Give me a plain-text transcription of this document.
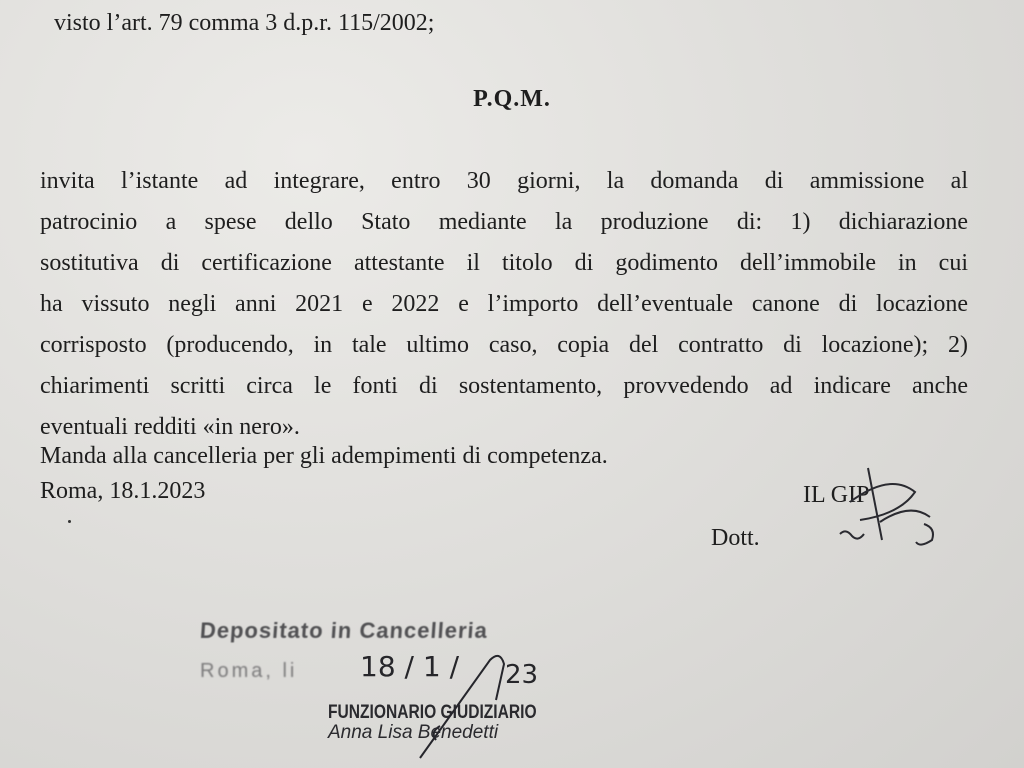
visto l’art. 79 comma 3 d.p.r. 115/2002;
P.Q.M.
invita l’istante ad integrare, entro 30 giorni, la domanda di ammissione al
patrocinio a spese dello Stato mediante la produzione di: 1) dichiarazione
sostitutiva di certificazione attestante il titolo di godimento dell’immobile in cui
ha vissuto negli anni 2021 e 2022 e l’importo dell’eventuale canone di locazione
corrisposto (producendo, in tale ultimo caso, copia del contratto di locazione); 2)
chiarimenti scritti circa le fonti di sostentamento, provvedendo ad indicare anche
eventuali redditi «in nero».
Manda alla cancelleria per gli adempimenti di competenza.
Roma, 18.1.2023	IL GIP
Dott.
Depositato in Cancelleria
Roma, li 18 / 1 / 23
FUNZIONARIO GIUDIZIARIO
Anna Lisa Benedetti
